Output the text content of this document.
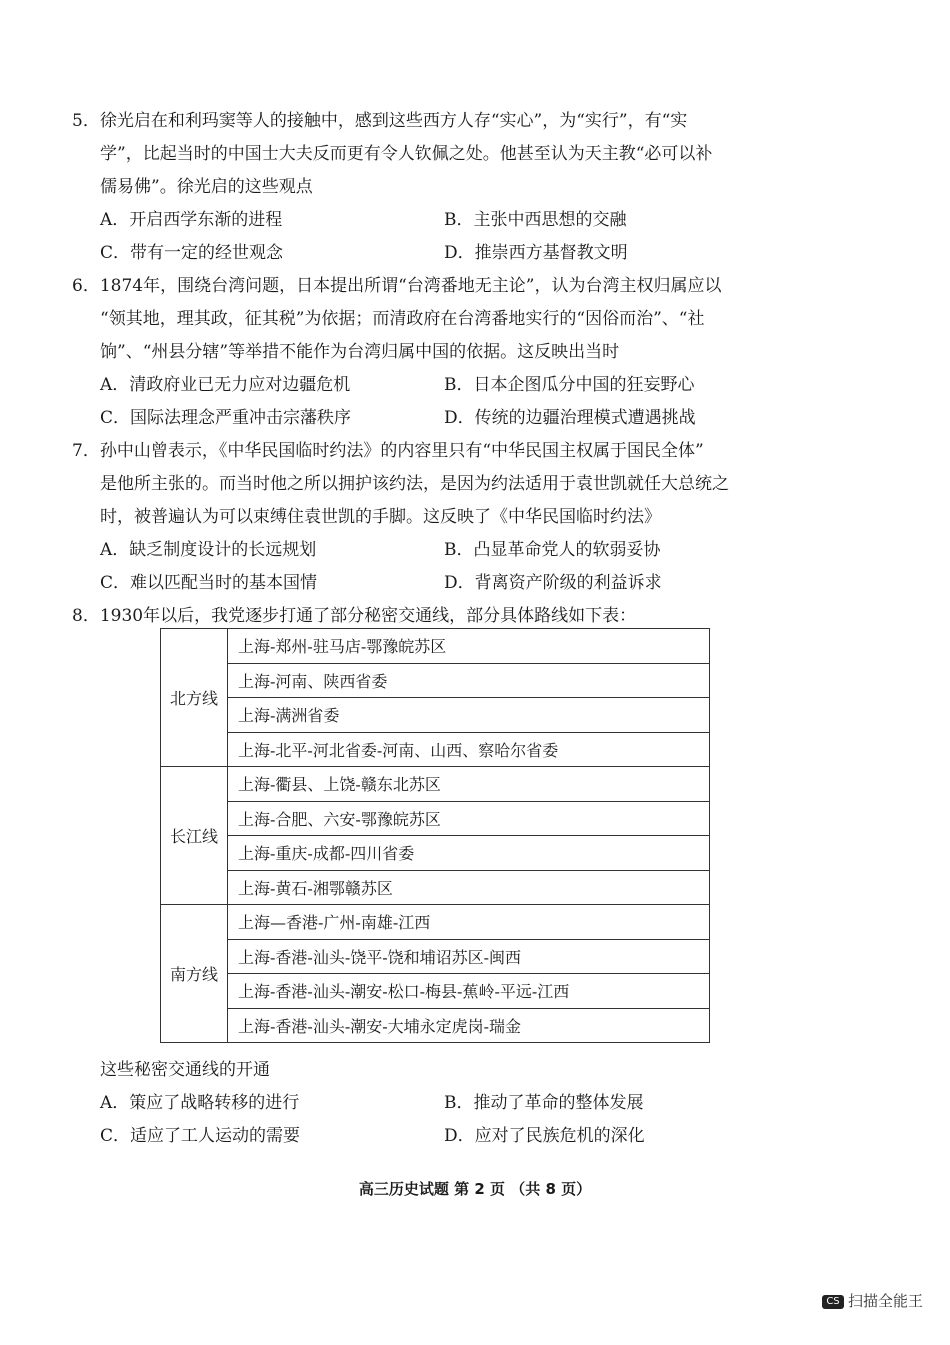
5．徐光启在和利玛窦等人的接触中，感到这些西方人存“实心”，为“实行”，有“实
学”，比起当时的中国士大夫反而更有令人钦佩之处。他甚至认为天主教“必可以补
儒易佛”。徐光启的这些观点
A．开启西学东渐的进程	B．主张中西思想的交融
C．带有一定的经世观念	D．推崇西方基督教文明
6．1874年，围绕台湾问题，日本提出所谓“台湾番地无主论”，认为台湾主权归属应以
“领其地，理其政，征其税”为依据；而清政府在台湾番地实行的“因俗而治”、“社
饷”、“州县分辖”等举措不能作为台湾归属中国的依据。这反映出当时
A．清政府业已无力应对边疆危机	B．日本企图瓜分中国的狂妄野心
C．国际法理念严重冲击宗藩秩序	D．传统的边疆治理模式遭遇挑战
7．孙中山曾表示，《中华民国临时约法》的内容里只有“中华民国主权属于国民全体”
是他所主张的。而当时他之所以拥护该约法，是因为约法适用于袁世凯就任大总统之
时，被普遍认为可以束缚住袁世凯的手脚。这反映了《中华民国临时约法》
A．缺乏制度设计的长远规划	B．凸显革命党人的软弱妥协
C．难以匹配当时的基本国情	D．背离资产阶级的利益诉求
8．1930年以后，我党逐步打通了部分秘密交通线，部分具体路线如下表：
北方线	上海-郑州-驻马店-鄂豫皖苏区
	上海-河南、陕西省委
	上海-满洲省委
	上海-北平-河北省委-河南、山西、察哈尔省委
长江线	上海-衢县、上饶-赣东北苏区
	上海-合肥、六安-鄂豫皖苏区
	上海-重庆-成都-四川省委
	上海-黄石-湘鄂赣苏区
南方线	上海—香港-广州-南雄-江西
	上海-香港-汕头-饶平-饶和埔诏苏区-闽西
	上海-香港-汕头-潮安-松口-梅县-蕉岭-平远-江西
	上海-香港-汕头-潮安-大埔永定虎岗-瑞金
这些秘密交通线的开通
A．策应了战略转移的进行	B．推动了革命的整体发展
C．适应了工人运动的需要	D．应对了民族危机的深化
高三历史试题 第 2 页 （共 8 页）
CS 扫描全能王
